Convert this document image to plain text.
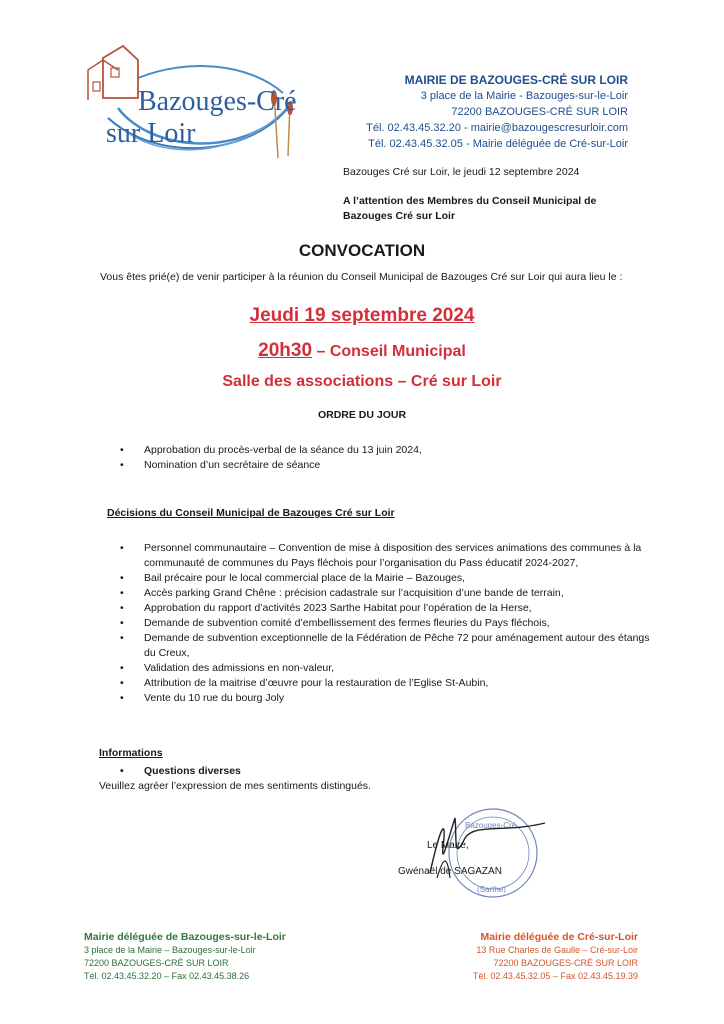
Bazouges-Cré
sur Loir
MAIRIE DE BAZOUGES-CRÉ SUR LOIR
3 place de la Mairie - Bazouges-sur-le-Loir
72200 BAZOUGES-CRÉ SUR LOIR
Tél. 02.43.45.32.20 - mairie@bazougescresurloir.com
Tél. 02.43.45.32.05 - Mairie déléguée de Cré-sur-Loir
Bazouges Cré sur Loir, le jeudi 12 septembre 2024
A l’attention des Membres du Conseil Municipal de
Bazouges Cré sur Loir
CONVOCATION
Vous êtes prié(e) de venir participer à la réunion du Conseil Municipal de Bazouges Cré sur Loir qui aura lieu le :
Jeudi 19 septembre 2024
20h30 – Conseil Municipal
Salle des associations – Cré sur Loir
ORDRE DU JOUR
• Approbation du procès-verbal de la séance du 13 juin 2024,
• Nomination d’un secrétaire de séance
Décisions du Conseil Municipal de Bazouges Cré sur Loir
• Personnel communautaire – Convention de mise à disposition des services animations des communes à la communauté de communes du Pays fléchois pour l’organisation du Pass éducatif 2024-2027,
• Bail précaire pour le local commercial place de la Mairie – Bazouges,
• Accès parking Grand Chêne : précision cadastrale sur l’acquisition d’une bande de terrain,
• Approbation du rapport d’activités 2023 Sarthe Habitat pour l’opération de la Herse,
• Demande de subvention comité d’embellissement des fermes fleuries du Pays fléchois,
• Demande de subvention exceptionnelle de la Fédération de Pêche 72 pour aménagement autour des étangs du Creux,
• Validation des admissions en non-valeur,
• Attribution de la maitrise d’œuvre pour la restauration de l’Eglise St-Aubin,
• Vente du 10 rue du bourg Joly
Informations
• Questions diverses
Veuillez agréer l’expression de mes sentiments distingués.
Bazouges-Cré
(Sarthe)
Le Maire,
Gwénaël de SAGAZAN
Mairie déléguée de Bazouges-sur-le-Loir
3 place de la Mairie – Bazouges-sur-le-Loir
72200 BAZOUGES-CRÉ SUR LOIR
Tél. 02.43.45.32.20 – Fax 02.43.45.38.26
Mairie déléguée de Cré-sur-Loir
13 Rue Charles de Gaulle – Cré-sur-Loir
72200 BAZOUGES-CRÉ SUR LOIR
Tél. 02.43.45.32.05 – Fax 02.43.45.19.39
